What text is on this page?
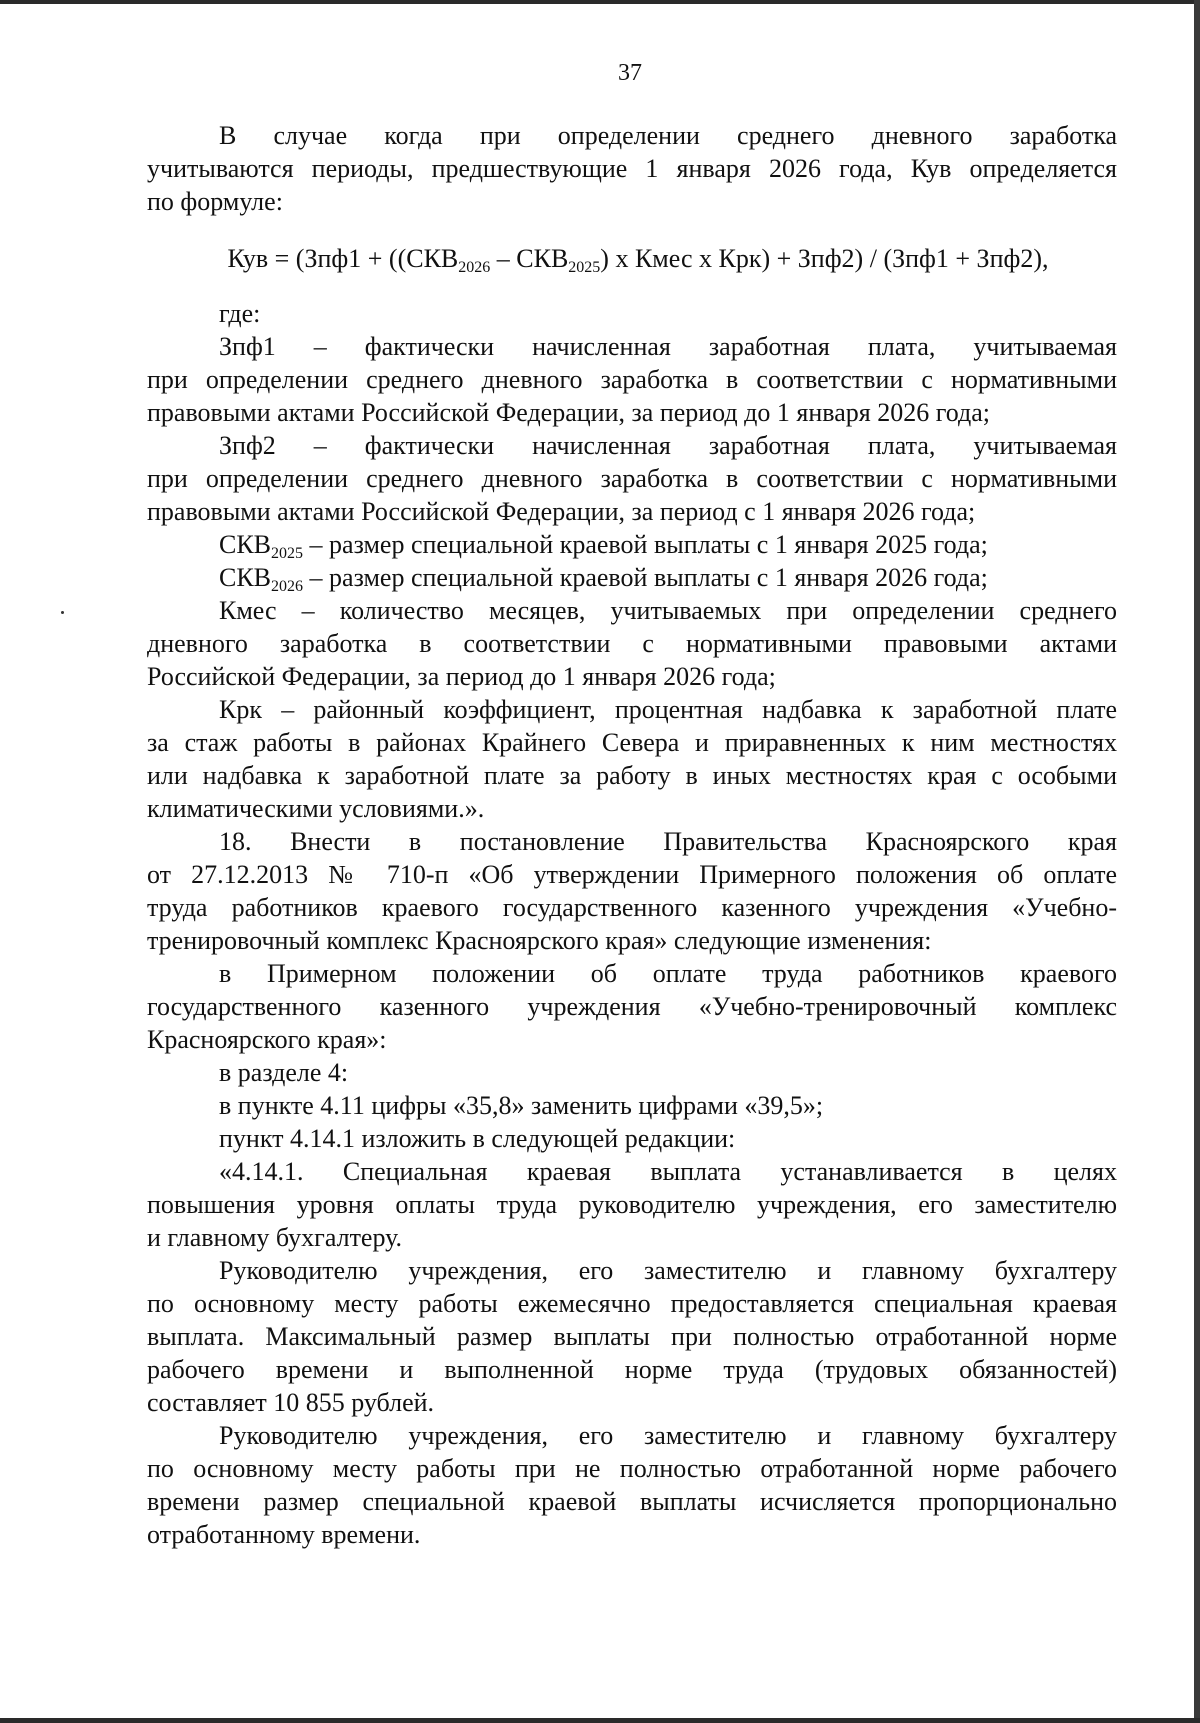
37

В случае когда при определении среднего дневного заработка

учитываются периоды, предшествующие 1 января 2026 года, Кув определяется

по формуле:

Кув = ($Зпф1 + ((СКВ_{2026} - СКВ_{2025})$ х Кмес х Крк) + Зпф2) / (Зпф1 + Зпф2),

где:

Зпф1 – фактически начисленная заработная плата, учитываемая

при определении среднего дневного заработка в соответствии с нормативными

правовыми актами Российской Федерации, за период до 1 января 2026 года;

Зпф2 – фактически начисленная заработная плата, учитываемая

при определении среднего дневного заработка в соответствии с нормативными

правовыми актами Российской Федерации, за период с 1 января 2026 года;

$СКВ_{2025}$ – размер специальной краевой выплаты с 1 января 2025 года;

$СКВ_{2026}$ – размер специальной краевой выплаты с 1 января 2026 года;

Кмес – количество месяцев, учитываемых при определении среднего

дневного заработка в соответствии с нормативными правовыми актами

Российской Федерации, за период до 1 января 2026 года;

Крк – районный коэффициент, процентная надбавка к заработной плате

за стаж работы в районах Крайнего Севера и приравненных к ним местностях

или надбавка к заработной плате за работу в иных местностях края с особыми

климатическими условиями.».

18. Внести в постановление Правительства Красноярского края

от 27.12.2013 № 710-п «Об утверждении Примерного положения об оплате

труда работников краевого государственного казенного учреждения «Учебно-

тренировочный комплекс Красноярского края» следующие изменения:

в Примерном положении об оплате труда работников краевого

государственного казенного учреждения «Учебно-тренировочный комплекс

Красноярского края»:

в разделе 4:

в пункте 4.11 цифры «35,8» заменить цифрами «39,5»;

пункт 4.14.1 изложить в следующей редакции:

«4.14.1. Специальная краевая выплата устанавливается в целях

повышения уровня оплаты труда руководителю учреждения, его заместителю

и главному бухгалтеру.

Руководителю учреждения, его заместителю и главному бухгалтеру

по основному месту работы ежемесячно предоставляется специальная краевая

выплата. Максимальный размер выплаты при полностью отработанной норме

рабочего времени и выполненной норме труда (трудовых обязанностей)

составляет 10 855 рублей.

Руководителю учреждения, его заместителю и главному бухгалтеру

по основному месту работы при не полностью отработанной норме рабочего

времени размер специальной краевой выплаты исчисляется пропорционально

отработанному времени.
